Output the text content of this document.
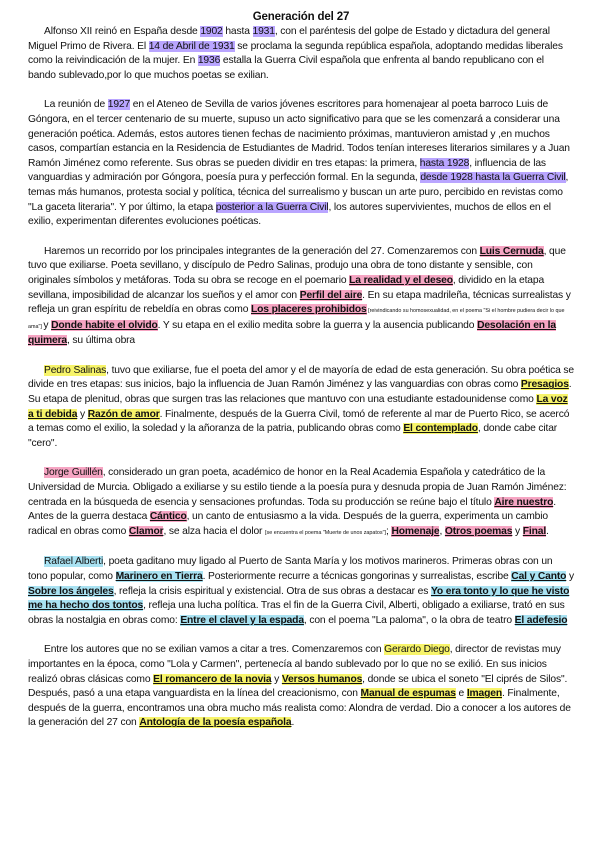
Generación del 27

Alfonso XII reinó en España desde 1902 hasta 1931, con el paréntesis del golpe de Estado y dictadura del general Miguel Primo de Rivera. El 14 de Abril de 1931 se proclama la segunda república española, adoptando medidas liberales como la reivindicación de la mujer. En 1936 estalla la Guerra Civil española que enfrenta al bando republicano con el bando sublevado,por lo que muchos poetas se exilian.

La reunión de 1927 en el Ateneo de Sevilla de varios jóvenes escritores para homenajear al poeta barroco Luis de Góngora, en el tercer centenario de su muerte, supuso un acto significativo para que se les comenzará a considerar una generación poética. Además, estos autores tienen fechas de nacimiento próximas, mantuvieron amistad y ,en muchos casos, compartían estancia en la Residencia de Estudiantes de Madrid. Todos tenían intereses literarios similares y a Juan Ramón Jiménez como referente. Sus obras se pueden dividir en tres etapas: la primera, hasta 1928, influencia de las vanguardias y admiración por Góngora, poesía pura y perfección formal. En la segunda, desde 1928 hasta la Guerra Civil, temas más humanos, protesta social y política, técnica del surrealismo y buscan un arte puro, percibido en revistas como "La gaceta literaria". Y por último, la etapa posterior a la Guerra Civil, los autores supervivientes, muchos de ellos en el exilio, experimentan diferentes evoluciones poéticas.

Haremos un recorrido por los principales integrantes de la generación del 27. Comenzaremos con Luis Cernuda, que tuvo que exiliarse. Poeta sevillano, y discípulo de Pedro Salinas, produjo una obra de tono distante y sensible, con originales símbolos y metáforas. Toda su obra se recoge en el poemario La realidad y el deseo, dividido en la etapa sevillana, imposibilidad de alcanzar los sueños y el amor con Perfil del aire. En su etapa madrileña, técnicas surrealistas y refleja un gran espíritu de rebeldía en obras como Los placeres prohibidos [reivindicando su homosexualidad, en el poema "Si el hombre pudiera decir lo que ama"] y Donde habite el olvido. Y su etapa en el exilio medita sobre la guerra y la ausencia publicando Desolación en la quimera, su última obra

Pedro Salinas, tuvo que exiliarse, fue el poeta del amor y el de mayoría de edad de esta generación. Su obra poética se divide en tres etapas: sus inicios, bajo la influencia de Juan Ramón Jiménez y las vanguardias con obras como Presagios. Su etapa de plenitud, obras que surgen tras las relaciones que mantuvo con una estudiante estadounidense como La voz a ti debida y Razón de amor. Finalmente, después de la Guerra Civil, tomó de referente al mar de Puerto Rico, se acercó a temas como el exilio, la soledad y la añoranza de la patria, publicando obras como El contemplado, donde cabe citar "cero".

Jorge Guillén, considerado un gran poeta, académico de honor en la Real Academia Española y catedrático de la Universidad de Murcia. Obligado a exiliarse y su estilo tiende a la poesía pura y desnuda propia de Juan Ramón Jiménez: centrada en la búsqueda de esencia y sensaciones profundas. Toda su producción se reúne bajo el título Aire nuestro. Antes de la guerra destaca Cántico, un canto de entusiasmo a la vida. Después de la guerra, experimenta un cambio radical en obras como Clamor, se alza hacia el dolor [se encuentra el poema "Muerte de unos zapatos"]; Homenaje, Otros poemas y Final.

Rafael Alberti, poeta gaditano muy ligado al Puerto de Santa María y los motivos marineros. Primeras obras con un tono popular, como Marinero en Tierra. Posteriormente recurre a técnicas gongorinas y surrealistas, escribe Cal y Canto y Sobre los ángeles, refleja la crisis espiritual y existencial. Otra de sus obras a destacar es Yo era tonto y lo que he visto me ha hecho dos tontos, refleja una lucha política. Tras el fin de la Guerra Civil, Alberti, obligado a exiliarse, trató en sus obras la nostalgia en obras como: Entre el clavel y la espada, con el poema "La paloma", o la obra de teatro El adefesio

Entre los autores que no se exilian vamos a citar a tres. Comenzaremos con Gerardo Diego, director de revistas muy importantes en la época, como "Lola y Carmen", pertenecía al bando sublevado por lo que no se exilió. En sus inicios realizó obras clásicas como El romancero de la novia y Versos humanos, donde se ubica el soneto "El ciprés de Silos". Después, pasó a una etapa vanguardista en la línea del creacionismo, con Manual de espumas e Imagen. Finalmente, después de la guerra, encontramos una obra mucho más realista como: Alondra de verdad. Dio a conocer a los autores de la generación del 27 con Antología de la poesía española.
